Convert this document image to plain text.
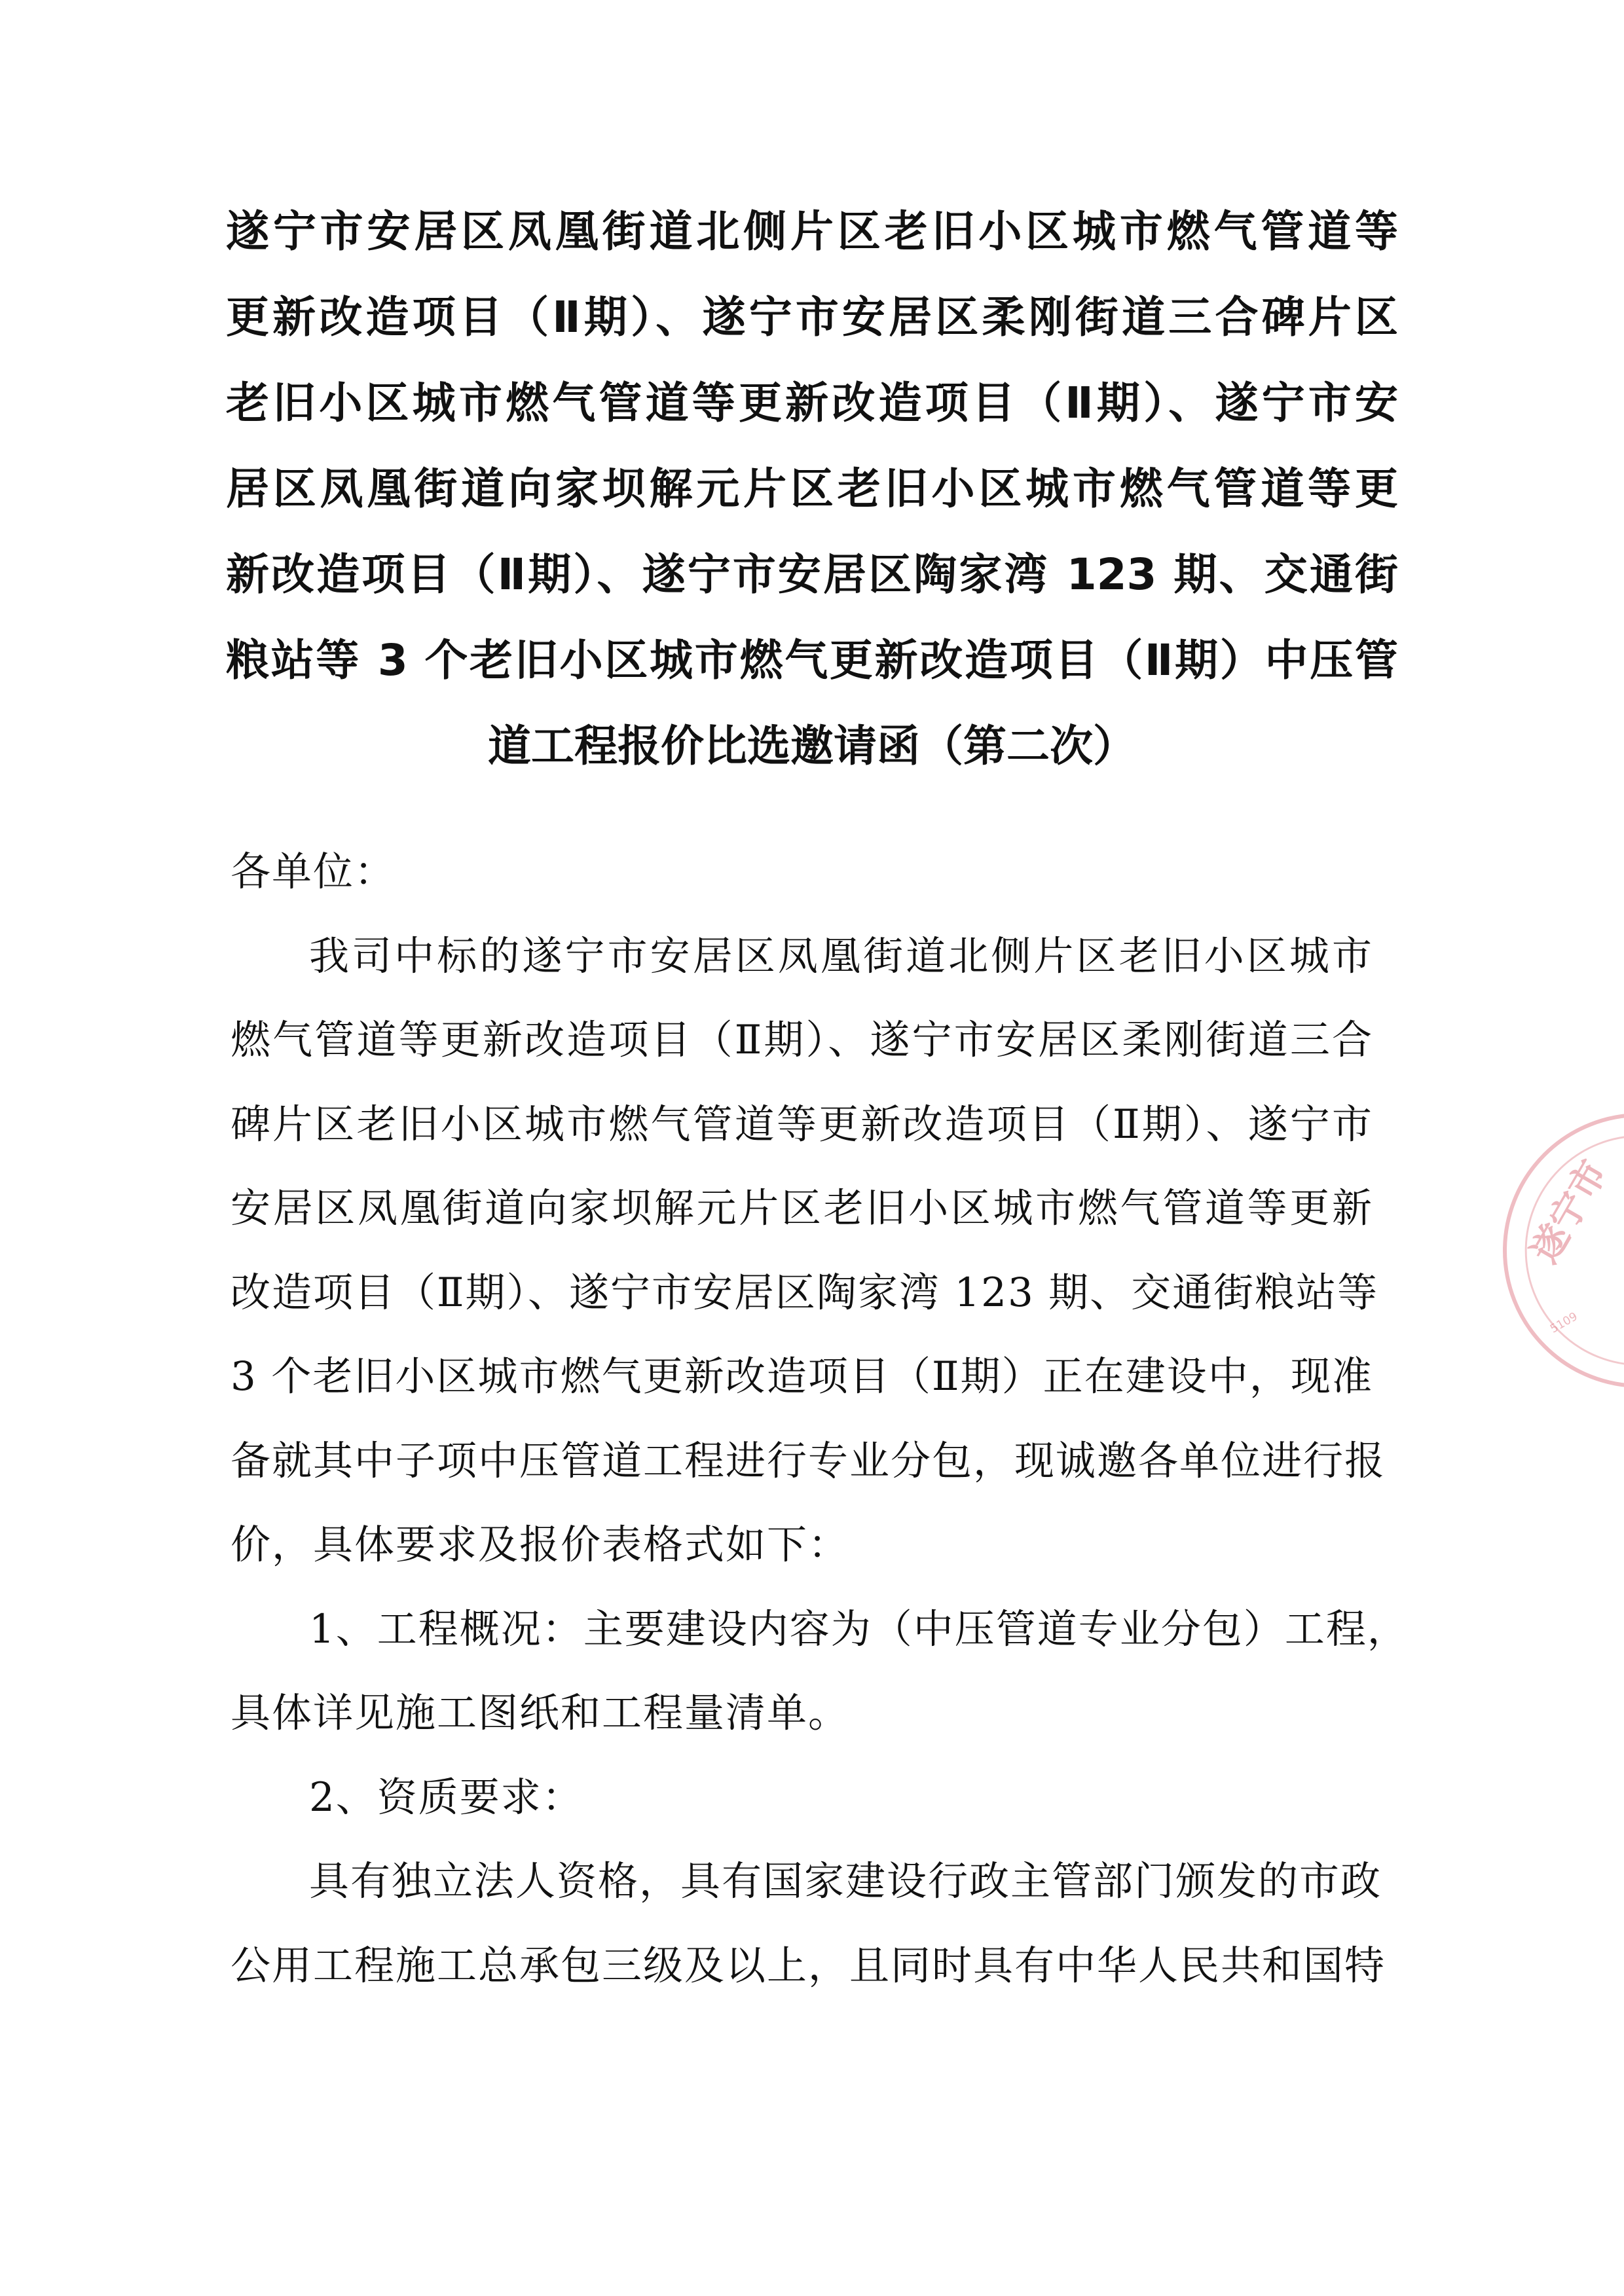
遂宁市安居区凤凰街道北侧片区老旧小区城市燃气管道等
更新改造项目（Ⅱ期）、遂宁市安居区柔刚街道三合碑片区
老旧小区城市燃气管道等更新改造项目（Ⅱ期）、遂宁市安
居区凤凰街道向家坝解元片区老旧小区城市燃气管道等更
新改造项目（Ⅱ期）、遂宁市安居区陶家湾 123 期、交通街
粮站等 3 个老旧小区城市燃气更新改造项目（Ⅱ期）中压管
道工程报价比选邀请函（第二次）
各单位：
我司中标的遂宁市安居区凤凰街道北侧片区老旧小区城市
燃气管道等更新改造项目（Ⅱ期）、遂宁市安居区柔刚街道三合
碑片区老旧小区城市燃气管道等更新改造项目（Ⅱ期）、遂宁市
安居区凤凰街道向家坝解元片区老旧小区城市燃气管道等更新
改造项目（Ⅱ期）、遂宁市安居区陶家湾 123 期、交通街粮站等
3 个老旧小区城市燃气更新改造项目（Ⅱ期）正在建设中，现准
备就其中子项中压管道工程进行专业分包，现诚邀各单位进行报
价，具体要求及报价表格式如下：
1、工程概况：主要建设内容为（中压管道专业分包）工程，
具体详见施工图纸和工程量清单。
2、资质要求：
具有独立法人资格，具有国家建设行政主管部门颁发的市政
公用工程施工总承包三级及以上，且同时具有中华人民共和国特
遂宁市
5109
